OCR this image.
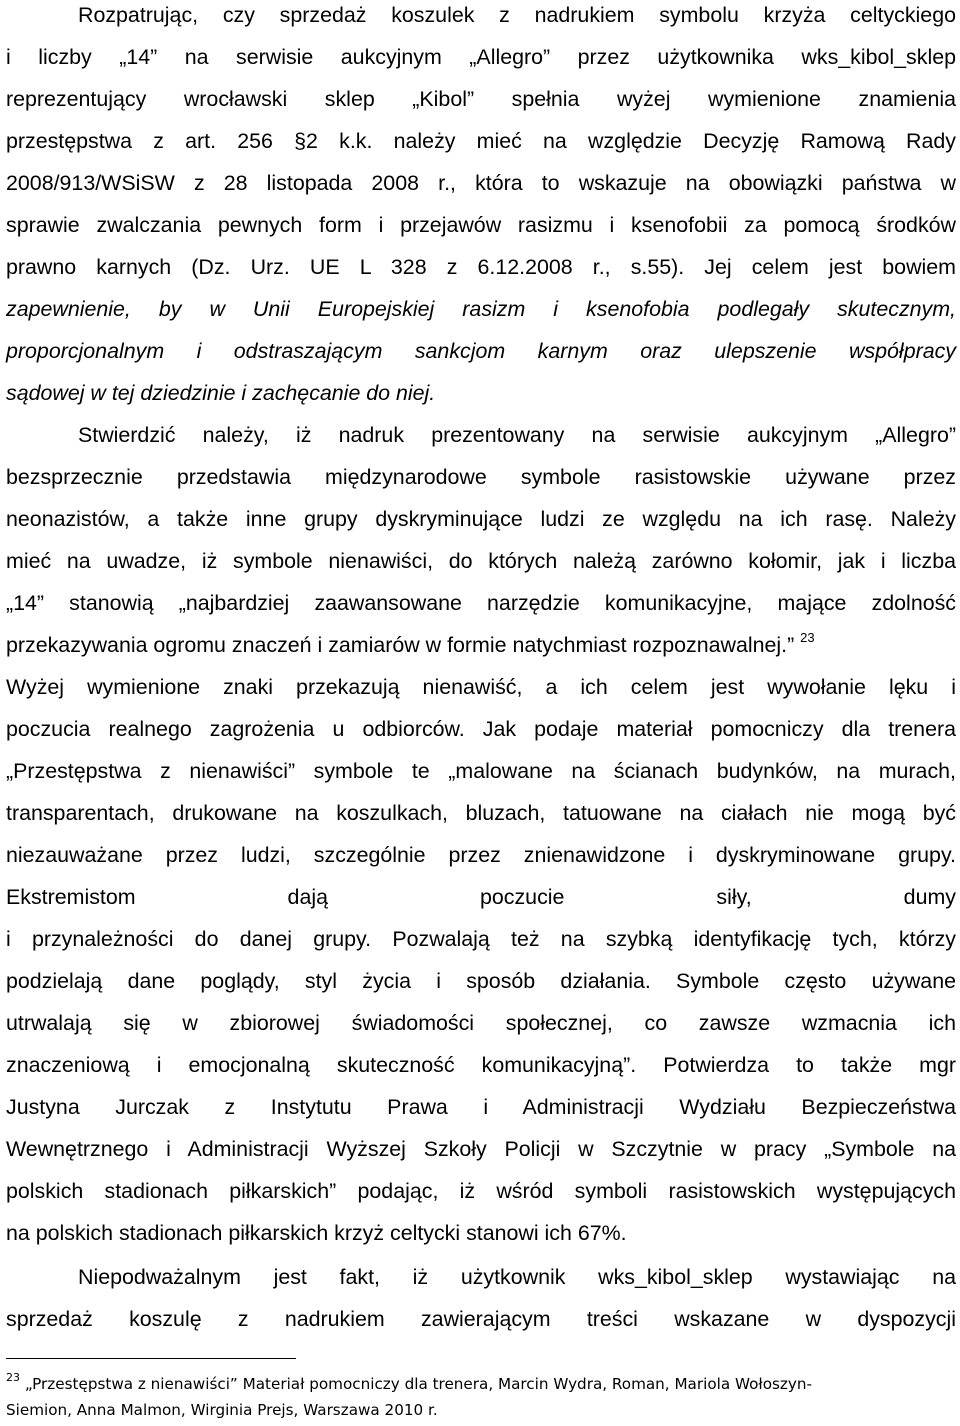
Rozpatrując, czy sprzedaż koszulek z nadrukiem symbolu krzyża celtyckiego
i liczby „14” na serwisie aukcyjnym „Allegro” przez użytkownika wks_kibol_sklep
reprezentujący wrocławski sklep „Kibol” spełnia wyżej wymienione znamienia
przestępstwa z art. 256 §2 k.k. należy mieć na względzie Decyzję Ramową Rady
2008/913/WSiSW z 28 listopada 2008 r., która to wskazuje na obowiązki państwa w
sprawie zwalczania pewnych form i przejawów rasizmu i ksenofobii za pomocą środków
prawno karnych (Dz. Urz. UE L 328 z 6.12.2008 r., s.55). Jej celem jest bowiem
zapewnienie, by w Unii Europejskiej rasizm i ksenofobia podlegały skutecznym,
proporcjonalnym i odstraszającym sankcjom karnym oraz ulepszenie współpracy
sądowej w tej dziedzinie i zachęcanie do niej.
Stwierdzić należy, iż nadruk prezentowany na serwisie aukcyjnym „Allegro”
bezsprzecznie przedstawia międzynarodowe symbole rasistowskie używane przez
neonazistów, a także inne grupy dyskryminujące ludzi ze względu na ich rasę. Należy
mieć na uwadze, iż symbole nienawiści, do których należą zarówno kołomir, jak i liczba
„14” stanowią „najbardziej zaawansowane narzędzie komunikacyjne, mające zdolność
przekazywania ogromu znaczeń i zamiarów w formie natychmiast rozpoznawalnej.” $^{23}$
Wyżej wymienione znaki przekazują nienawiść, a ich celem jest wywołanie lęku i
poczucia realnego zagrożenia u odbiorców. Jak podaje materiał pomocniczy dla trenera
„Przestępstwa z nienawiści” symbole te „malowane na ścianach budynków, na murach,
transparentach, drukowane na koszulkach, bluzach, tatuowane na ciałach nie mogą być
niezauważane przez ludzi, szczególnie przez znienawidzone i dyskryminowane grupy.
Ekstremistom dają poczucie siły, dumy
i przynależności do danej grupy. Pozwalają też na szybką identyfikację tych, którzy
podzielają dane poglądy, styl życia i sposób działania. Symbole często używane
utrwalają się w zbiorowej świadomości społecznej, co zawsze wzmacnia ich
znaczeniową i emocjonalną skuteczność komunikacyjną”. Potwierdza to także mgr
Justyna Jurczak z Instytutu Prawa i Administracji Wydziału Bezpieczeństwa
Wewnętrznego i Administracji Wyższej Szkoły Policji w Szczytnie w pracy „Symbole na
polskich stadionach piłkarskich” podając, iż wśród symboli rasistowskich występujących
na polskich stadionach piłkarskich krzyż celtycki stanowi ich 67%.
Niepodważalnym jest fakt, iż użytkownik wks_kibol_sklep wystawiając na
sprzedaż koszulę z nadrukiem zawierającym treści wskazane w dyspozycji
$^{23}$ „Przestępstwa z nienawiści” Materiał pomocniczy dla trenera, Marcin Wydra, Roman, Mariola Wołoszyn-
Siemion, Anna Malmon, Wirginia Prejs, Warszawa 2010 r.
